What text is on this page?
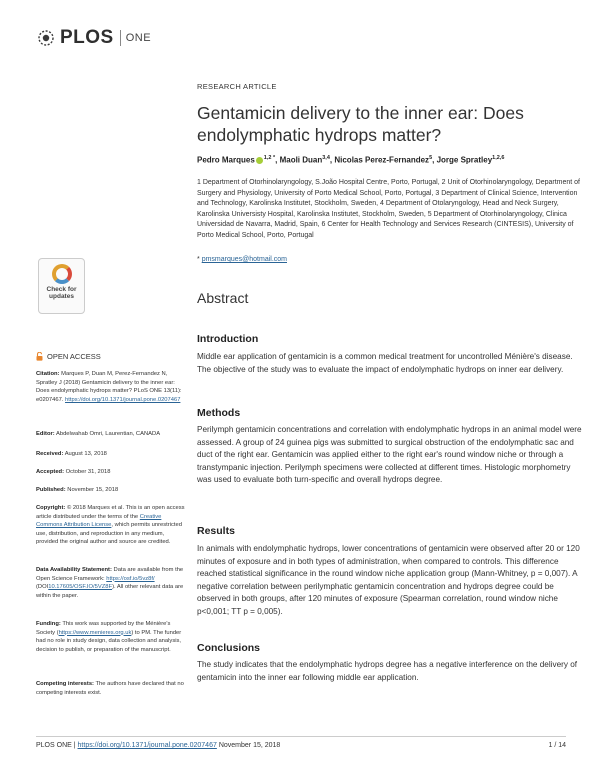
PLOS ONE
RESEARCH ARTICLE
Gentamicin delivery to the inner ear: Does endolymphatic hydrops matter?
Pedro Marques $^{1,2 *}$, Maoli Duan$^{3,4}$, Nicolas Perez-Fernandez$^5$, Jorge Spratley$^{1,2,6}$
1 Department of Otorhinolaryngology, S.João Hospital Centre, Porto, Portugal, 2 Unit of Otorhinolaryngology, Department of Surgery and Physiology, University of Porto Medical School, Porto, Portugal, 3 Department of Clinical Science, Intervention and Technology, Karolinska Institutet, Stockholm, Sweden, 4 Department of Otolaryngology, Head and Neck Surgery, Karolinska Universisty Hospital, Karolinska Institutet, Stockholm, Sweden, 5 Department of Otorhinolaryngology, Clinica Universidad de Navarra, Madrid, Spain, 6 Center for Health Technology and Services Research (CINTESIS), University of Porto Medical School, Porto, Portugal
* pmsmarques@hotmail.com
Abstract
Introduction
Middle ear application of gentamicin is a common medical treatment for uncontrolled Ménière's disease. The objective of the study was to evaluate the impact of endolymphatic hydrops on inner ear delivery.
Methods
Perilymph gentamicin concentrations and correlation with endolymphatic hydrops in an animal model were assessed. A group of 24 guinea pigs was submitted to surgical obstruction of the endolymphatic sac and duct of the right ear. Gentamicin was applied either to the right ear's round window niche or through a transtympanic injection. Perilymph specimens were collected at different times. Histologic morphometry was used to evaluate both turn-specific and overall hydrops degree.
Results
In animals with endolymphatic hydrops, lower concentrations of gentamicin were observed after 20 or 120 minutes of exposure and in both types of administration, when compared to controls. This difference reached statistical significance in the round window niche application group (Mann-Whitney, p = 0,007). A negative correlation between perilymphatic gentamicin concentration and hydrops degree could be observed in both groups, after 120 minutes of exposure (Spearman correlation, round window niche p<0,001; TT p = 0,005).
Conclusions
The study indicates that the endolymphatic hydrops degree has a negative interference on the delivery of gentamicin into the inner ear following middle ear application.
Check for updates
OPEN ACCESS
Citation: Marques P, Duan M, Perez-Fernandez N, Spratley J (2018) Gentamicin delivery to the inner ear: Does endolymphatic hydrops matter? PLoS ONE 13(11): e0207467. https://doi.org/10.1371/journal.pone.0207467
Editor: Abdelwahab Omri, Laurentian, CANADA
Received: August 13, 2018
Accepted: October 31, 2018
Published: November 15, 2018
Copyright: © 2018 Marques et al. This is an open access article distributed under the terms of the Creative Commons Attribution License, which permits unrestricted use, distribution, and reproduction in any medium, provided the original author and source are credited.
Data Availability Statement: Data are available from the Open Science Framework: https://osf.io/5vz8f/ (DOI10.17605/OSF.IO/5VZ8F). All other relevant data are within the paper.
Funding: This work was supported by the Ménière's Society (https://www.menieres.org.uk) to PM. The funder had no role in study design, data collection and analysis, decision to publish, or preparation of the manuscript.
Competing interests: The authors have declared that no competing interests exist.
PLOS ONE | https://doi.org/10.1371/journal.pone.0207467 November 15, 2018	1 / 14
